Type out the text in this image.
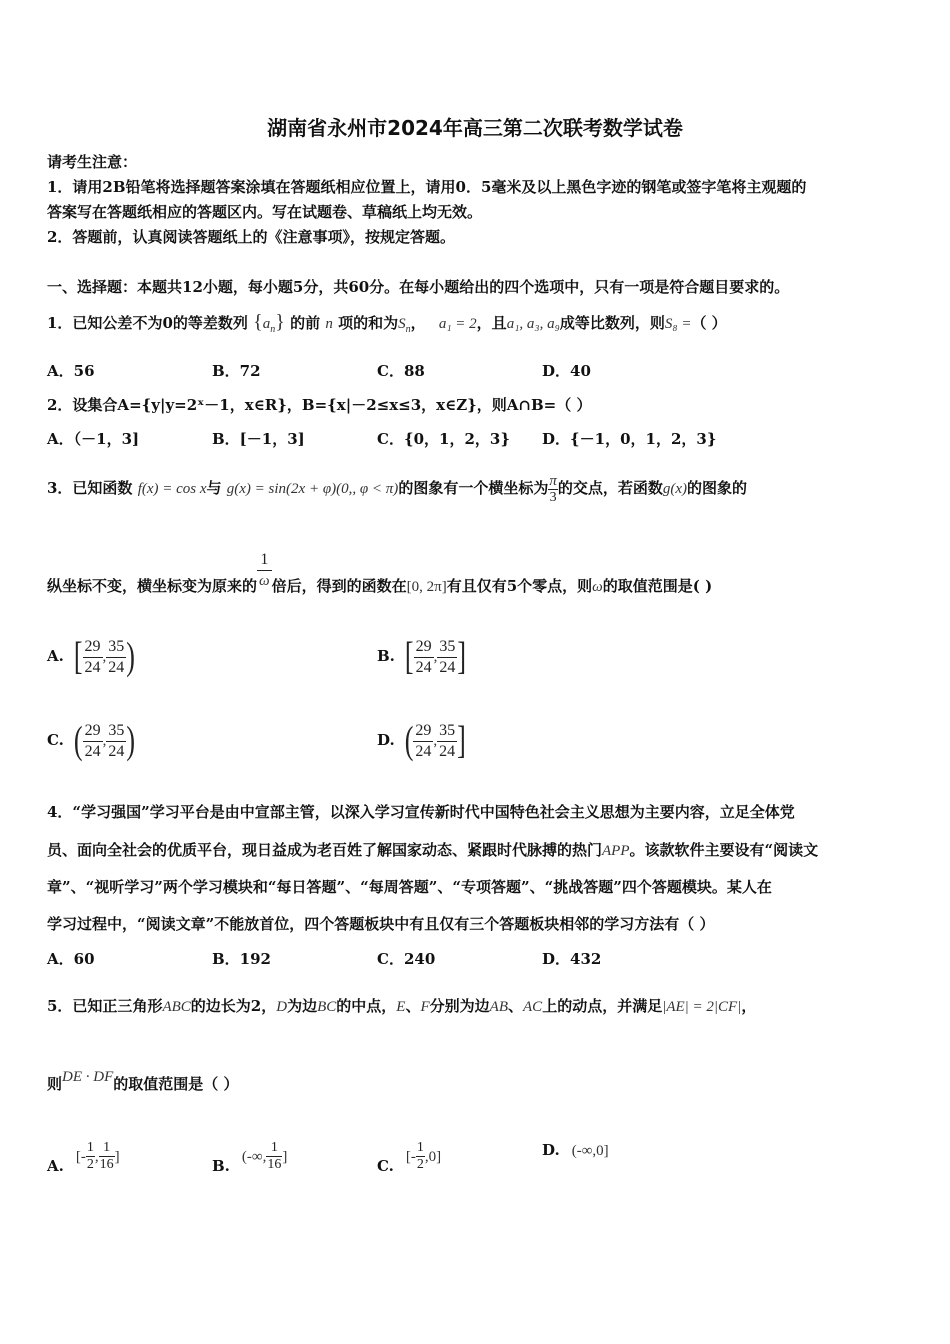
湖南省永州市2024年高三第二次联考数学试卷
请考生注意：
1．请用2B铅笔将选择题答案涂填在答题纸相应位置上，请用0．5毫米及以上黑色字迹的钢笔或签字笔将主观题的
答案写在答题纸相应的答题区内。写在试题卷、草稿纸上均无效。
2．答题前，认真阅读答题纸上的《注意事项》，按规定答题。
一、选择题：本题共12小题，每小题5分，共60分。在每小题给出的四个选项中，只有一项是符合题目要求的。
1．已知公差不为0的等差数列 $\{a_n\}$ 的前 n 项的和为$S_n$， a₁ = 2，且a₁, a₃, a₉成等比数列，则S₈ =（ ）
A．56	B．72	C．88	D．40
2．设集合A={y|y=2ˣ－1，x∈R}，B={x|－2≤x≤3，x∈Z}，则A∩B=（ ）
A．（－1，3]	B．[－1，3]	C．{0，1，2，3} D．{－1，0，1，2，3}
3．已知函数 f(x) = cos x与 g(x) = sin(2x + φ)(0,, φ < π)的图象有一个横坐标为 $\frac{\pi}{3}$ 的交点，若函数g(x)的图象的
纵坐标不变，横坐标变为原来的 $\frac{1}{\omega}$ 倍后，得到的函数在[0, 2π]有且仅有5个零点，则ω的取值范围是( )
A. [ $\frac{29}{24}$ , $\frac{35}{24}$ )	B. [ $\frac{29}{24}$ , $\frac{35}{24}$ ]
C. ( $\frac{29}{24}$ , $\frac{35}{24}$ )	D. ( $\frac{29}{24}$ , $\frac{35}{24}$ ]
4．“学习强国”学习平台是由中宣部主管，以深入学习宣传新时代中国特色社会主义思想为主要内容，立足全体党
员、面向全社会的优质平台，现日益成为老百姓了解国家动态、紧跟时代脉搏的热门APP。该款软件主要设有“阅读文
章”、“视听学习”两个学习模块和“每日答题”、“每周答题”、“专项答题”、“挑战答题”四个答题模块。某人在
学习过程中，“阅读文章”不能放首位，四个答题板块中有且仅有三个答题板块相邻的学习方法有（ ）
A．60	B．192	C．240	D．432
5．已知正三角形ABC的边长为2，D为边BC的中点，E、F分别为边AB、AC上的动点，并满足|AE| = 2|CF|，
则DE · DF的取值范围是（ ）
A. [-
1
2 ,
1
16 ]	B. (-∞,
1
16 ]	C. [-
1
2 ,0]	D. (-∞,0]
